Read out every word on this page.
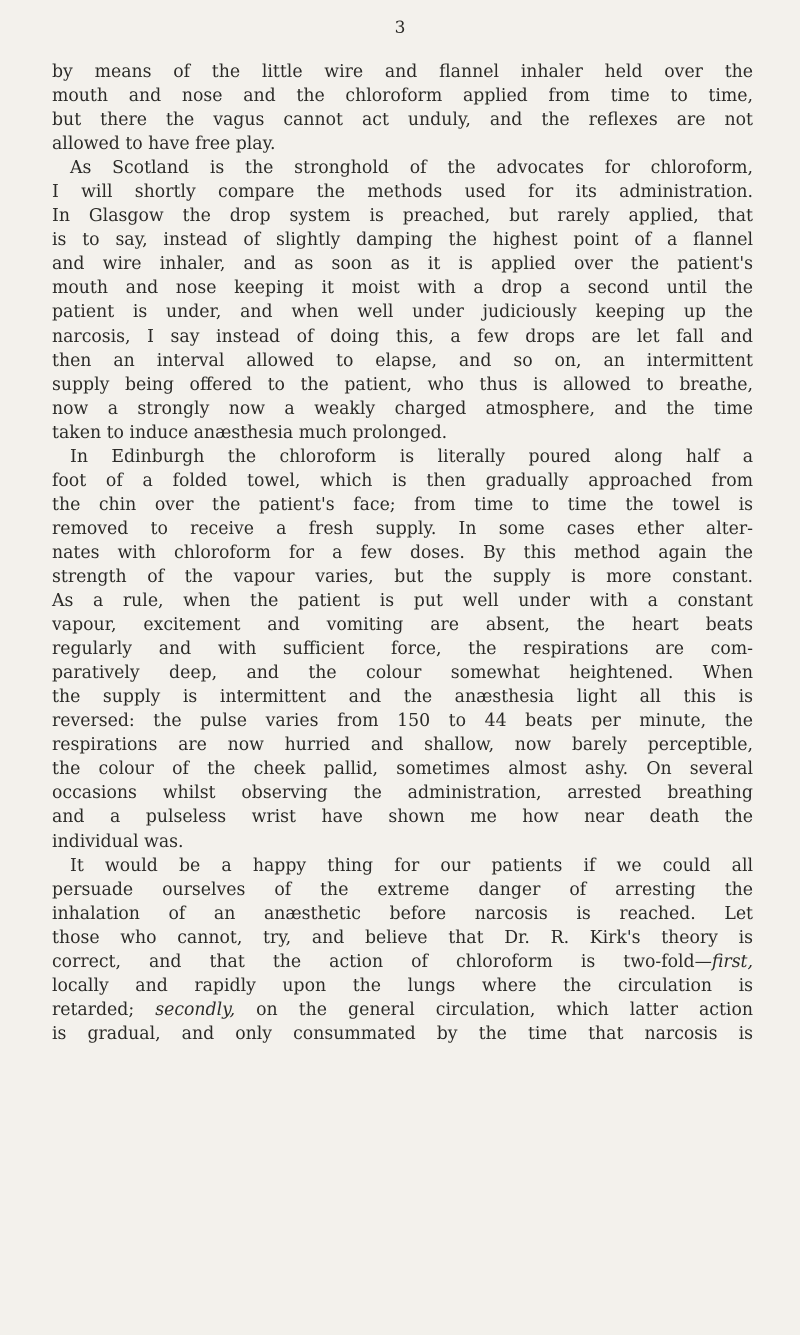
3
by means of the little wire and flannel inhaler held over the
mouth and nose and the chloroform applied from time to time,
but there the vagus cannot act unduly, and the reflexes are not
allowed to have free play.
As Scotland is the stronghold of the advocates for chloroform,
I will shortly compare the methods used for its administration.
In Glasgow the drop system is preached, but rarely applied, that
is to say, instead of slightly damping the highest point of a flannel
and wire inhaler, and as soon as it is applied over the patient's
mouth and nose keeping it moist with a drop a second until the
patient is under, and when well under judiciously keeping up the
narcosis, I say instead of doing this, a few drops are let fall and
then an interval allowed to elapse, and so on, an intermittent
supply being offered to the patient, who thus is allowed to breathe,
now a strongly now a weakly charged atmosphere, and the time
taken to induce anæsthesia much prolonged.
In Edinburgh the chloroform is literally poured along half a
foot of a folded towel, which is then gradually approached from
the chin over the patient's face; from time to time the towel is
removed to receive a fresh supply. In some cases ether alter-
nates with chloroform for a few doses. By this method again the
strength of the vapour varies, but the supply is more constant.
As a rule, when the patient is put well under with a constant
vapour, excitement and vomiting are absent, the heart beats
regularly and with sufficient force, the respirations are com-
paratively deep, and the colour somewhat heightened. When
the supply is intermittent and the anæsthesia light all this is
reversed: the pulse varies from 150 to 44 beats per minute, the
respirations are now hurried and shallow, now barely perceptible,
the colour of the cheek pallid, sometimes almost ashy. On several
occasions whilst observing the administration, arrested breathing
and a pulseless wrist have shown me how near death the
individual was.
It would be a happy thing for our patients if we could all
persuade ourselves of the extreme danger of arresting the
inhalation of an anæsthetic before narcosis is reached. Let
those who cannot, try, and believe that Dr. R. Kirk's theory is
correct, and that the action of chloroform is two-fold—first,
locally and rapidly upon the lungs where the circulation is
retarded; secondly, on the general circulation, which latter action
is gradual, and only consummated by the time that narcosis is
